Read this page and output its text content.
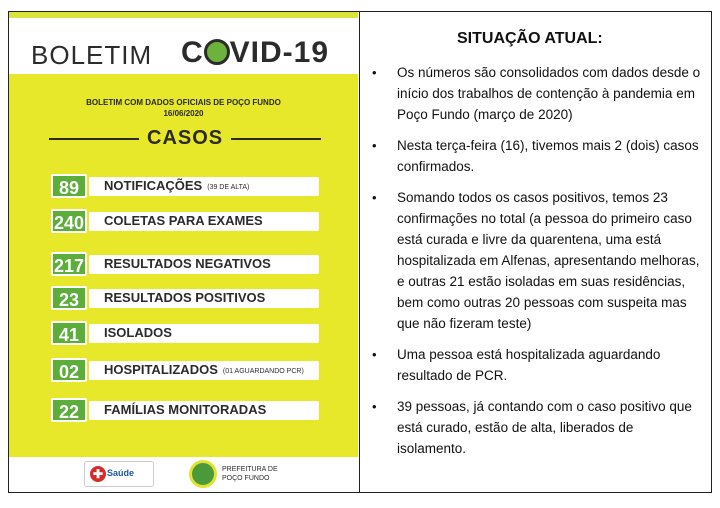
BOLETIM C VID-19
BOLETIM COM DADOS OFICIAIS DE POÇO FUNDO
16/06/2020
CASOS
89	NOTIFICAÇÕES (39 DE ALTA)
240 COLETAS PARA EXAMES
217 RESULTADOS NEGATIVOS
23	RESULTADOS POSITIVOS
41	ISOLADOS
02	HOSPITALIZADOS (01 AGUARDANDO PCR)
22	FAMÍLIAS MONITORADAS
✚ Saúde	PREFEITURA DE
POÇO FUNDO
SITUAÇÃO ATUAL:
• Os números são consolidados com dados desde o início dos trabalhos de contenção à pandemia em Poço Fundo (março de 2020)
• Nesta terça-feira (16), tivemos mais 2 (dois) casos confirmados.
• Somando todos os casos positivos, temos 23 confirmações no total (a pessoa do primeiro caso está curada e livre da quarentena, uma está hospitalizada em Alfenas, apresentando melhoras, e outras 21 estão isoladas em suas residências, bem como outras 20 pessoas com suspeita mas que não fizeram teste)
• Uma pessoa está hospitalizada aguardando resultado de PCR.
• 39 pessoas, já contando com o caso positivo que está curado, estão de alta, liberados de isolamento.
